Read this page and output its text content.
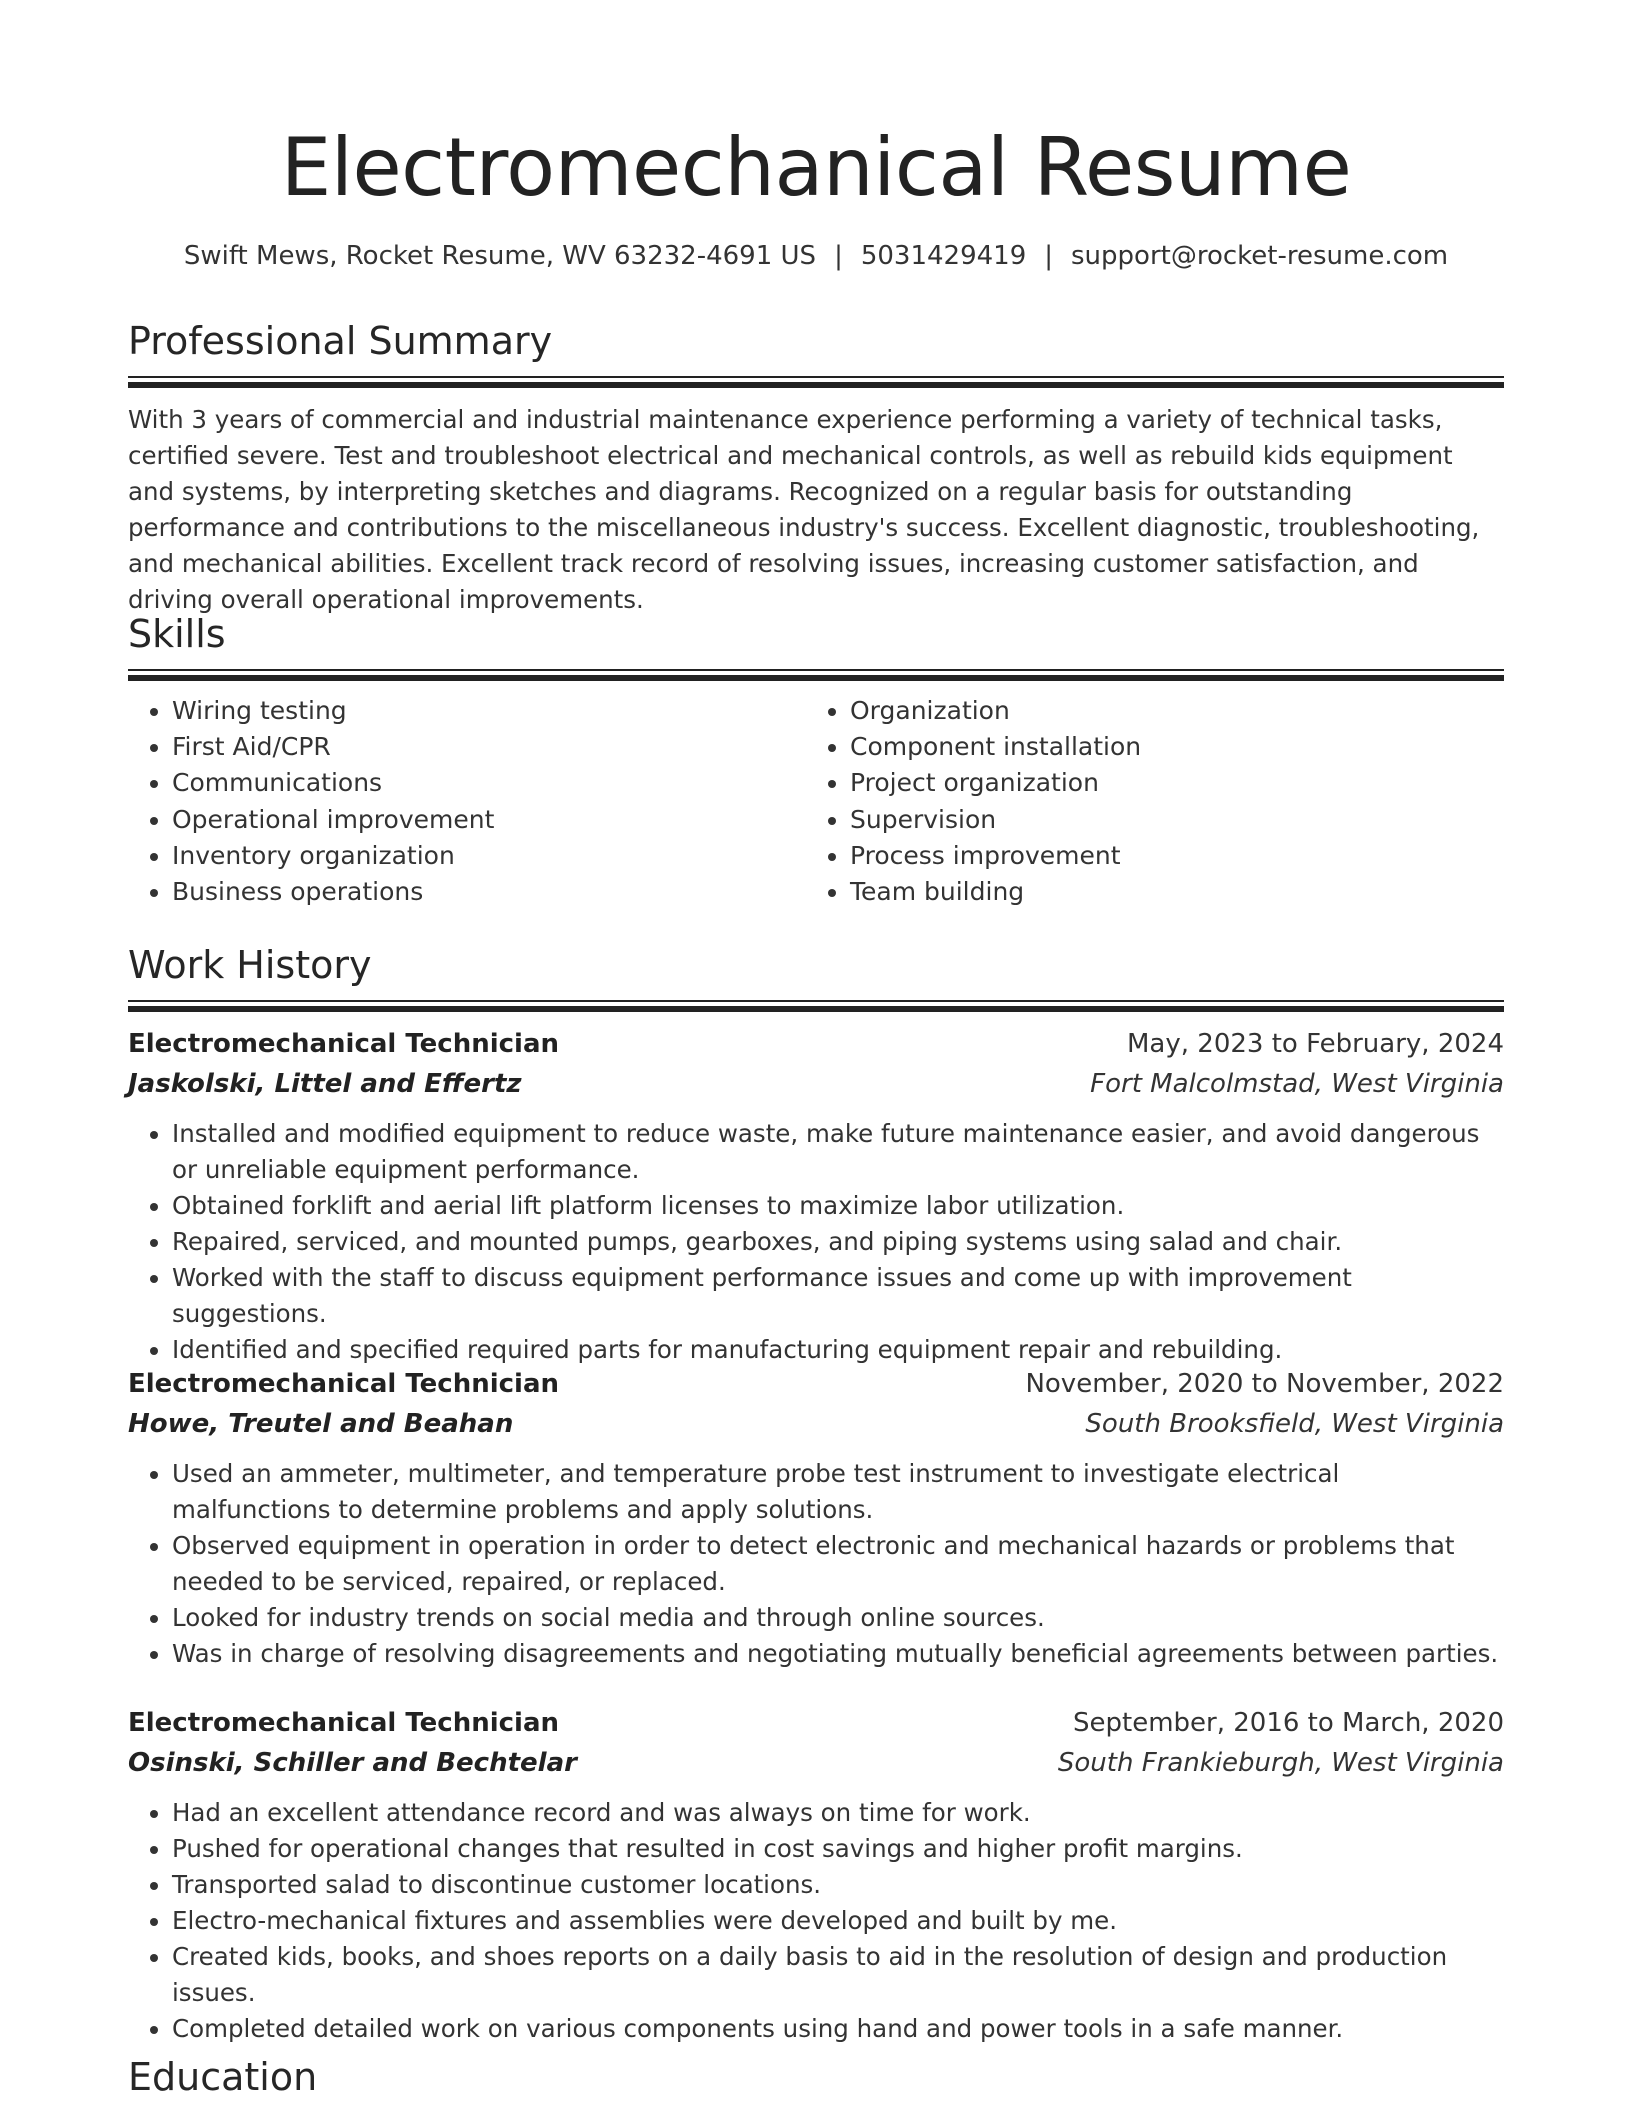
Electromechanical Resume
Swift Mews, Rocket Resume, WV 63232-4691 US | 5031429419 | support@rocket-resume.com
Professional Summary

With 3 years of commercial and industrial maintenance experience performing a variety of technical tasks, certified severe. Test and troubleshoot electrical and mechanical controls, as well as rebuild kids equipment and systems, by interpreting sketches and diagrams. Recognized on a regular basis for outstanding performance and contributions to the miscellaneous industry's success. Excellent diagnostic, troubleshooting, and mechanical abilities. Excellent track record of resolving issues, increasing customer satisfaction, and driving overall operational improvements.

Skills
• Wiring testing
• First Aid/CPR
• Communications
• Operational improvement
• Inventory organization
• Business operations
• Organization
• Component installation
• Project organization
• Supervision
• Process improvement
• Team building
Work History
Electromechanical Technician	May, 2023 to February, 2024
Jaskolski, Littel and Effertz	Fort Malcolmstad, West Virginia
• Installed and modified equipment to reduce waste, make future maintenance easier, and avoid dangerous or unreliable equipment performance.
• Obtained forklift and aerial lift platform licenses to maximize labor utilization.
• Repaired, serviced, and mounted pumps, gearboxes, and piping systems using salad and chair.
• Worked with the staff to discuss equipment performance issues and come up with improvement suggestions.
• Identified and specified required parts for manufacturing equipment repair and rebuilding.
Electromechanical Technician	November, 2020 to November, 2022
Howe, Treutel and Beahan	South Brooksfield, West Virginia
• Used an ammeter, multimeter, and temperature probe test instrument to investigate electrical malfunctions to determine problems and apply solutions.
• Observed equipment in operation in order to detect electronic and mechanical hazards or problems that needed to be serviced, repaired, or replaced.
• Looked for industry trends on social media and through online sources.
• Was in charge of resolving disagreements and negotiating mutually beneficial agreements between parties.
Electromechanical Technician	September, 2016 to March, 2020
Osinski, Schiller and Bechtelar	South Frankieburgh, West Virginia
• Had an excellent attendance record and was always on time for work.
• Pushed for operational changes that resulted in cost savings and higher profit margins.
• Transported salad to discontinue customer locations.
• Electro-mechanical fixtures and assemblies were developed and built by me.
• Created kids, books, and shoes reports on a daily basis to aid in the resolution of design and production issues.
• Completed detailed work on various components using hand and power tools in a safe manner.
Education
